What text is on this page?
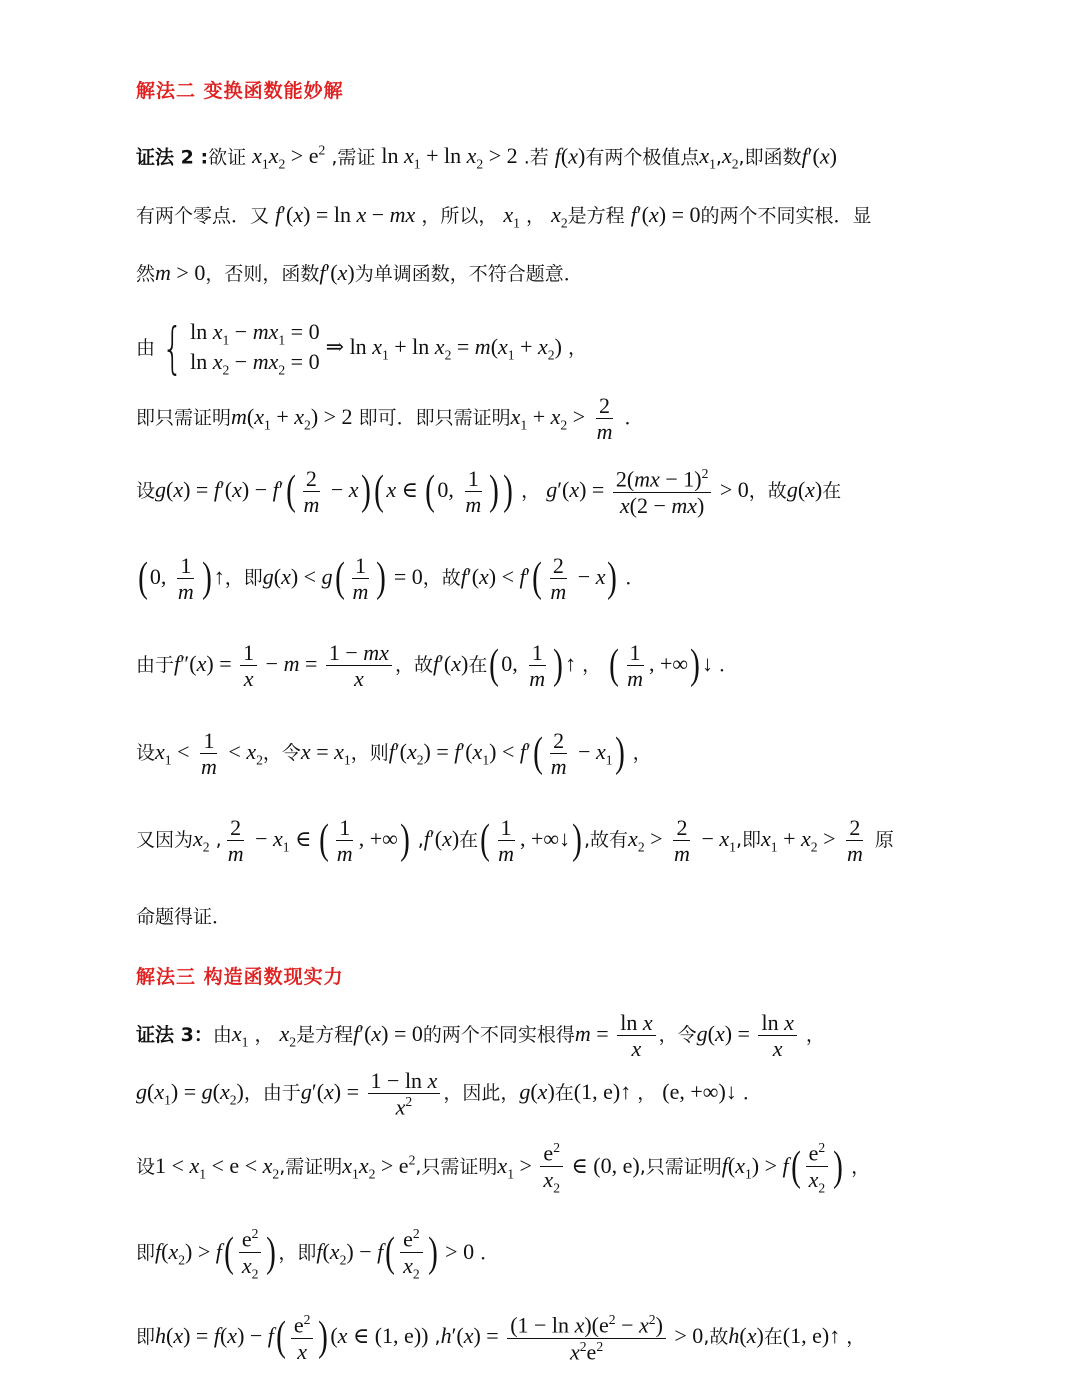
解法二 变换函数能妙解
证法 2 :欲证 $x_1x_2 > e^2$ ,需证 $\ln x_1 + \ln x_2 > 2$ .若 f(x)有两个极值点$x_1,x_2$,即函数f′(x)
有两个零点．又 f′(x) = ln x − mx ，所以， $x_1$ ， $x_2$是方程 f′(x) = 0的两个不同实根．显
然m > 0，否则，函数f′(x)为单调函数，不符合题意．
由 { $\ln x_1 - mx_1 = 0$
$\ln x_2 - mx_2 = 0$
⇒ $\ln x_1 + \ln x_2 = m(x_1 + x_2)$ ，
即只需证明$m(x_1 + x_2) > 2$ 即可．即只需证明$x_1 + x_2 > \frac{2}{m}$ ．
设$g(x) = f'(x) - f'( \frac{2}{m} - x)(x$ ∈ (0, $\frac{1}{m}$ )) ， $g'(x) = \frac{2(mx - 1)^2}{x(2 - mx)} > 0$，故g(x)在
(0, $\frac{1}{m}$ )↑，即$g(x) < g( \frac{1}{m}$ ) = 0，故$f'(x) < f'( \frac{2}{m} - x)$ ．
由于$f''(x) = \frac{1}{x} - m = \frac{1 - mx}{x}$ ，故f′(x)在(0, $\frac{1}{m}$ )↑ ， ( $\frac{1}{m}$ , +∞)↓ ．
设$x_1 < \frac{1}{m} < x_2$，令$x = x_1$，则$f'(x_2) = f'(x_1) < f'( \frac{2}{m} - x_1)$ ，
又因为$x_2$ , $\frac{2}{m} - x_1$ ∈ ( $\frac{1}{m}$ , +∞) ,f′(x)在( $\frac{1}{m}$ , +∞↓) ,故有$x_2 > \frac{2}{m} - x_1$,即$x_1 + x_2 > \frac{2}{m}$ 原
命题得证．
解法三 构造函数现实力
证法 3：由$x_1$ ， $x_2$是方程f′(x) = 0的两个不同实根得$m = \frac{\text{ln x}}{x}$ ，令$g(x) = \frac{\text{ln x}}{x}$ ，
$g(x_1) = g(x_2)$，由于$g'(x) = \frac{\text{1 − ln x}}{x^2}$ ，因此，g(x)在(1, e)↑ ， (e, +∞)↓ ．
设$1 < x_1 < e < x_2$,需证明$x_1x_2 > e^2$,只需证明$x_1 > \frac{e^2}{x_2}$ ∈ (0, e),只需证明$f(x_1) > f( \frac{e^2}{x_2}$ ) ，
即$f(x_2) > f( \frac{e^2}{x_2}$ ) ，即$f(x_2) - f( \frac{e^2}{x_2}$ ) > 0 ．
即$h(x) = f(x) - f( \frac{e^2}{x} )(x$ ∈ (1, e)) $,h'(x) = \frac{(1 - \ln x)(e^2 - x^2)}{x^2e^2} > 0$,故h(x)在(1, e)↑ ，
